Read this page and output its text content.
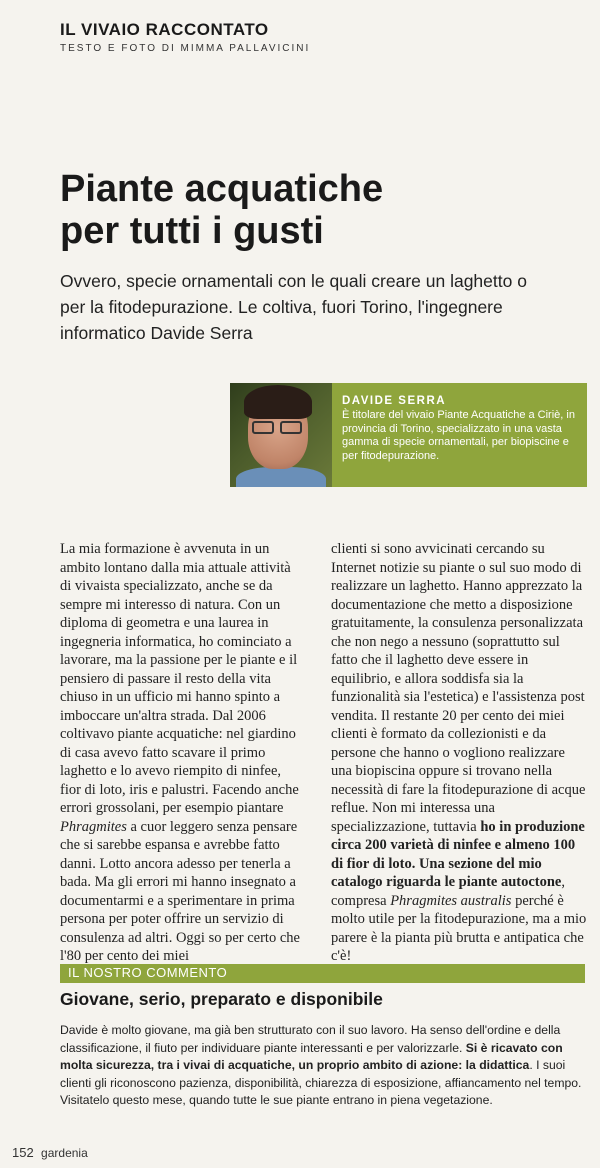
IL VIVAIO RACCONTATO
TESTO E FOTO DI MIMMA PALLAVICINI
Piante acquatiche
per tutti i gusti

Ovvero, specie ornamentali con le quali creare un laghetto o per la fitodepurazione. Le coltiva, fuori Torino, l'ingegnere informatico Davide Serra

DAVIDE SERRA
È titolare del vivaio Piante Acquatiche a Ciriè, in provincia di Torino, specializzato in una vasta gamma di specie ornamentali, per biopiscine e per fitodepurazione.
La mia formazione è avvenuta in un ambito lontano dalla mia attuale attività di vivaista specializzato, anche se da sempre mi interesso di natura. Con un diploma di geometra e una laurea in ingegneria informatica, ho cominciato a lavorare, ma la passione per le piante e il pensiero di passare il resto della vita chiuso in un ufficio mi hanno spinto a imboccare un'altra strada. Dal 2006 coltivavo piante acquatiche: nel giardino di casa avevo fatto scavare il primo laghetto e lo avevo riempito di ninfee, fior di loto, iris e palustri. Facendo anche errori grossolani, per esempio piantare Phragmites a cuor leggero senza pensare che si sarebbe espansa e avrebbe fatto danni. Lotto ancora adesso per tenerla a bada. Ma gli errori mi hanno insegnato a documentarmi e a sperimentare in prima persona per poter offrire un servizio di consulenza ad altri. Oggi so per certo che l'80 per cento dei miei
clienti si sono avvicinati cercando su Internet notizie su piante o sul suo modo di realizzare un laghetto. Hanno apprezzato la documentazione che metto a disposizione gratuitamente, la consulenza personalizzata che non nego a nessuno (soprattutto sul fatto che il laghetto deve essere in equilibrio, e allora soddisfa sia la funzionalità sia l'estetica) e l'assistenza post vendita. Il restante 20 per cento dei miei clienti è formato da collezionisti e da persone che hanno o vogliono realizzare una biopiscina oppure si trovano nella necessità di fare la fitodepurazione di acque reflue. Non mi interessa una specializzazione, tuttavia ho in produzione circa 200 varietà di ninfee e almeno 100 di fior di loto. Una sezione del mio catalogo riguarda le piante autoctone, compresa Phragmites australis perché è molto utile per la fitodepurazione, ma a mio parere è la pianta più brutta e antipatica che c'è!
IL NOSTRO COMMENTO
Giovane, serio, preparato e disponibile

Davide è molto giovane, ma già ben strutturato con il suo lavoro. Ha senso dell'ordine e della classificazione, il fiuto per individuare piante interessanti e per valorizzarle. Si è ricavato con molta sicurezza, tra i vivai di acquatiche, un proprio ambito di azione: la didattica. I suoi clienti gli riconoscono pazienza, disponibilità, chiarezza di esposizione, affiancamento nel tempo. Visitatelo questo mese, quando tutte le sue piante entrano in piena vegetazione.

152 gardenia
